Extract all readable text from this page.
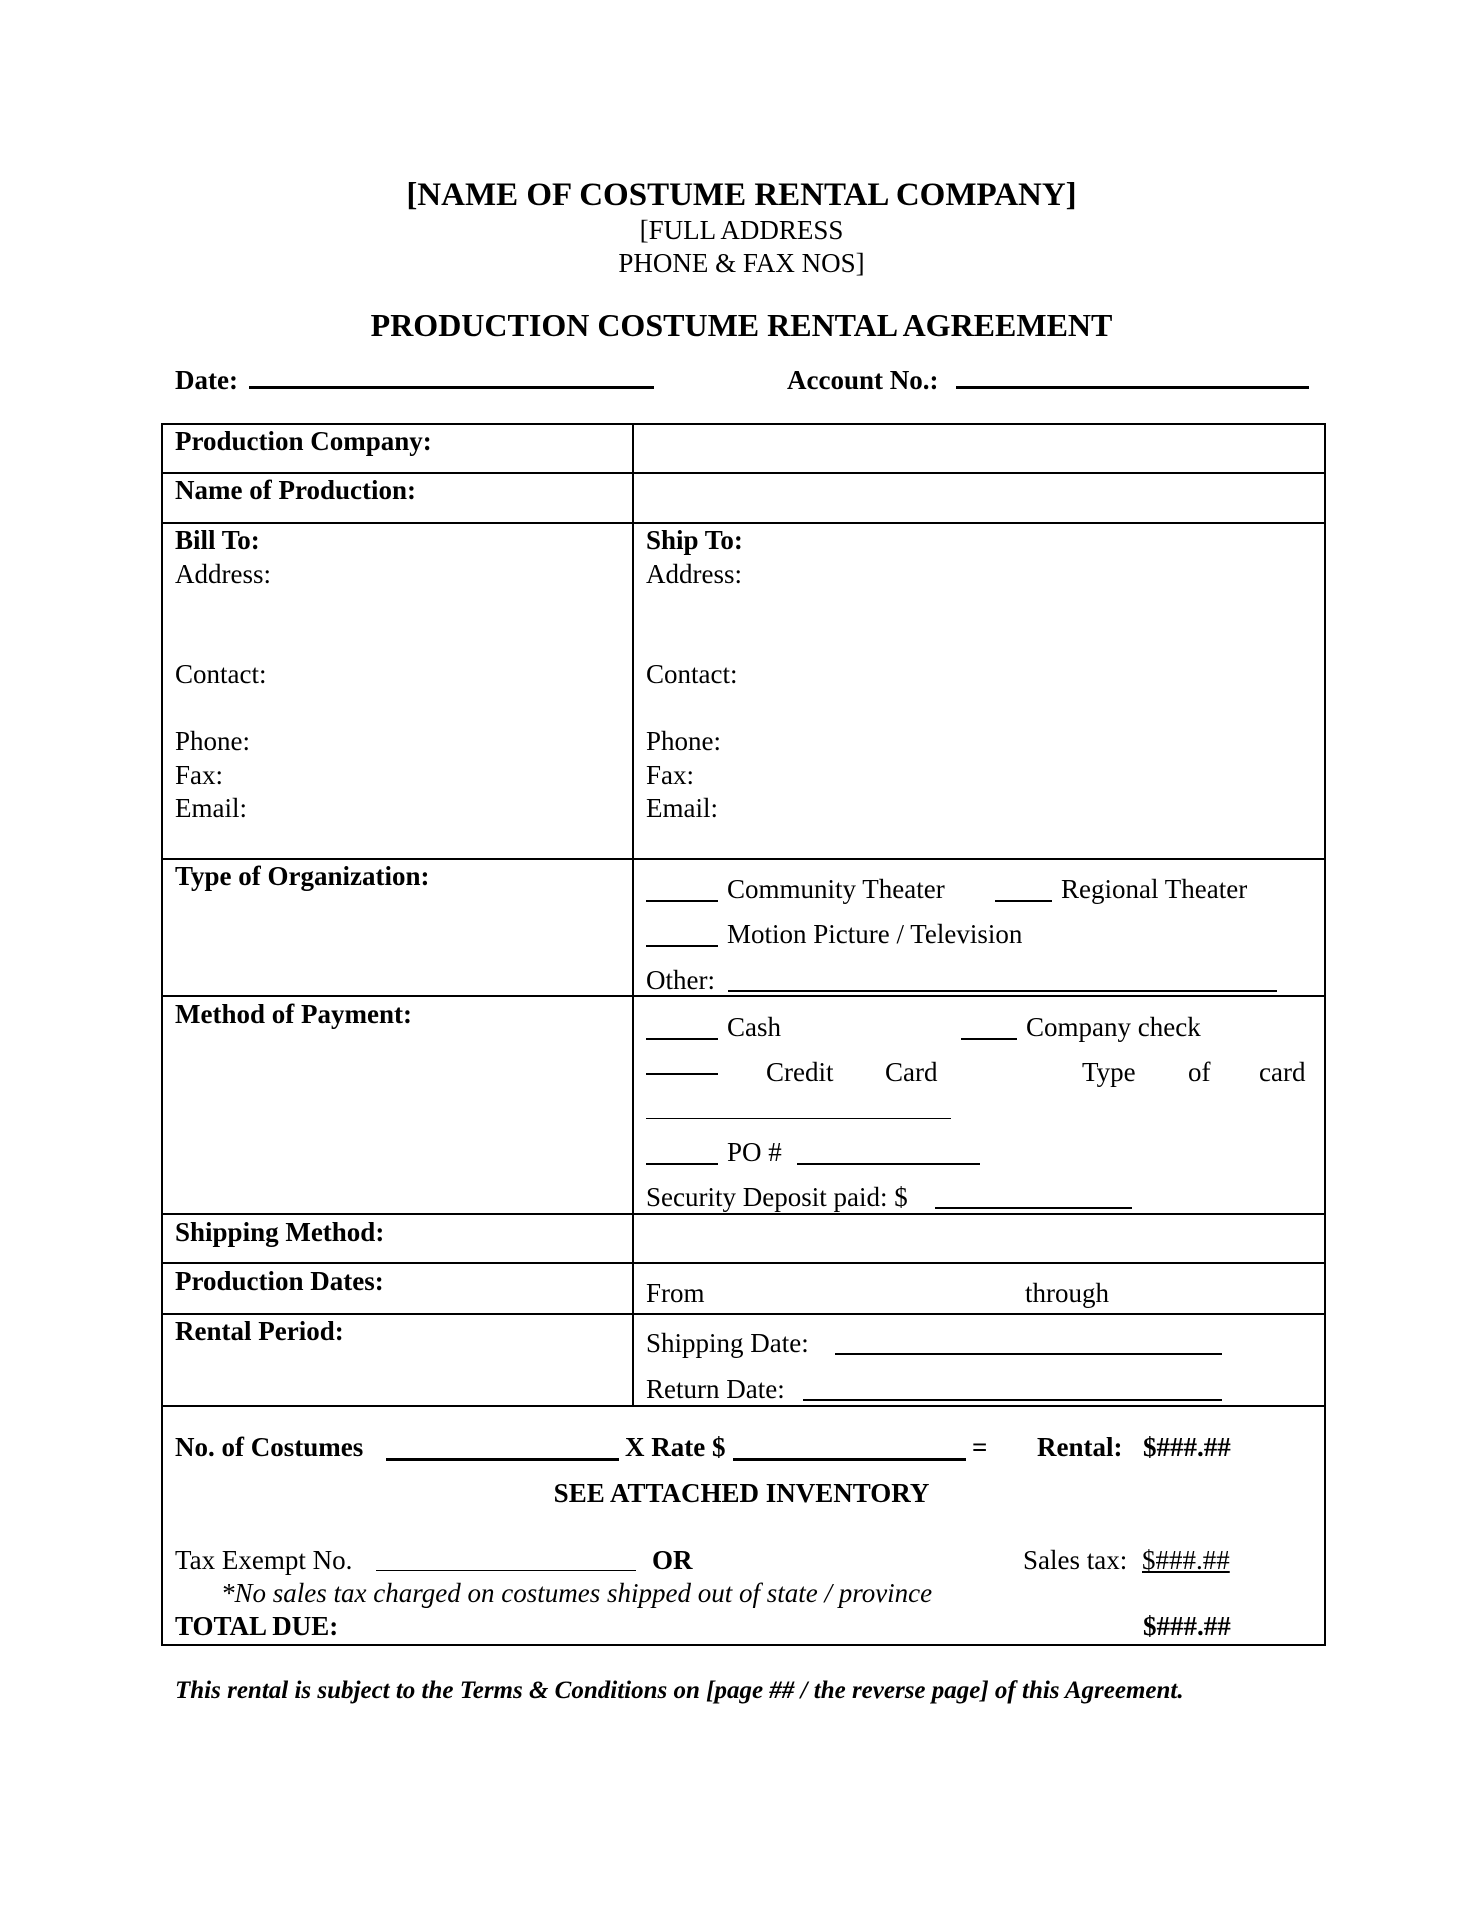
[NAME OF COSTUME RENTAL COMPANY]
[FULL ADDRESS
PHONE & FAX NOS]
PRODUCTION COSTUME RENTAL AGREEMENT
Date:	Account No.:
Production Company:
Name of Production:
Bill To:
Address:
Contact:
Phone:
Fax:
Email:
Ship To:
Address:
Contact:
Phone:
Fax:
Email:
Type of Organization:	Community Theater	Regional Theater
Motion Picture / Television
Other:
Method of Payment:	Cash	Company check
Credit Card	Type of card
PO #
Security Deposit paid: $
Shipping Method:
Production Dates:	From	through
Rental Period:	Shipping Date:
Return Date:
No. of Costumes	X Rate $	= Rental: $###.##
SEE ATTACHED INVENTORY
Tax Exempt No.	OR	Sales tax: $###.##
*No sales tax charged on costumes shipped out of state / province
TOTAL DUE:	$###.##
This rental is subject to the Terms & Conditions on [page ## / the reverse page] of this Agreement.
